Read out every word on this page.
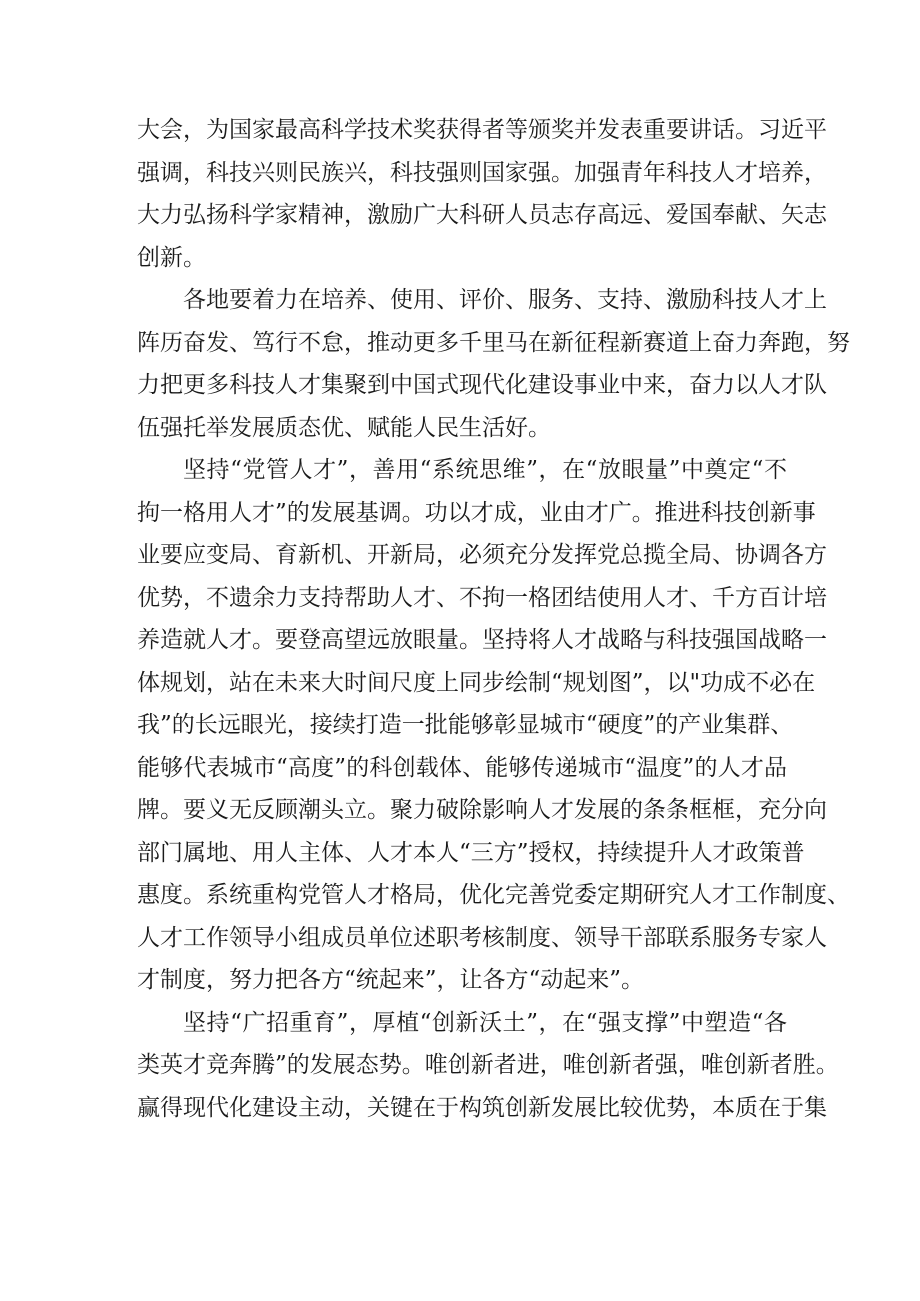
大会，为国家最高科学技术奖获得者等颁奖并发表重要讲话。习近平
强调，科技兴则民族兴，科技强则国家强。加强青年科技人才培养，
大力弘扬科学家精神，激励广大科研人员志存高远、爱国奉献、矢志
创新。
各地要着力在培养、使用、评价、服务、支持、激励科技人才上
阵历奋发、笃行不怠，推动更多千里马在新征程新赛道上奋力奔跑，努
力把更多科技人才集聚到中国式现代化建设事业中来，奋力以人才队
伍强托举发展质态优、赋能人民生活好。
坚持“党管人才”，善用“系统思维”，在“放眼量”中奠定“不
拘一格用人才”的发展基调。功以才成，业由才广。推进科技创新事
业要应变局、育新机、开新局，必须充分发挥党总揽全局、协调各方
优势，不遗余力支持帮助人才、不拘一格团结使用人才、千方百计培
养造就人才。要登高望远放眼量。坚持将人才战略与科技强国战略一
体规划，站在未来大时间尺度上同步绘制“规划图”，以"功成不必在
我”的长远眼光，接续打造一批能够彰显城市“硬度”的产业集群、
能够代表城市“高度”的科创载体、能够传递城市“温度”的人才品
牌。要义无反顾潮头立。聚力破除影响人才发展的条条框框，充分向
部门属地、用人主体、人才本人“三方”授权，持续提升人才政策普
惠度。系统重构党管人才格局，优化完善党委定期研究人才工作制度、
人才工作领导小组成员单位述职考核制度、领导干部联系服务专家人
才制度，努力把各方“统起来”，让各方“动起来”。
坚持“广招重育”，厚植“创新沃土”，在“强支撑”中塑造“各
类英才竞奔腾”的发展态势。唯创新者进，唯创新者强，唯创新者胜。
赢得现代化建设主动，关键在于构筑创新发展比较优势，本质在于集
